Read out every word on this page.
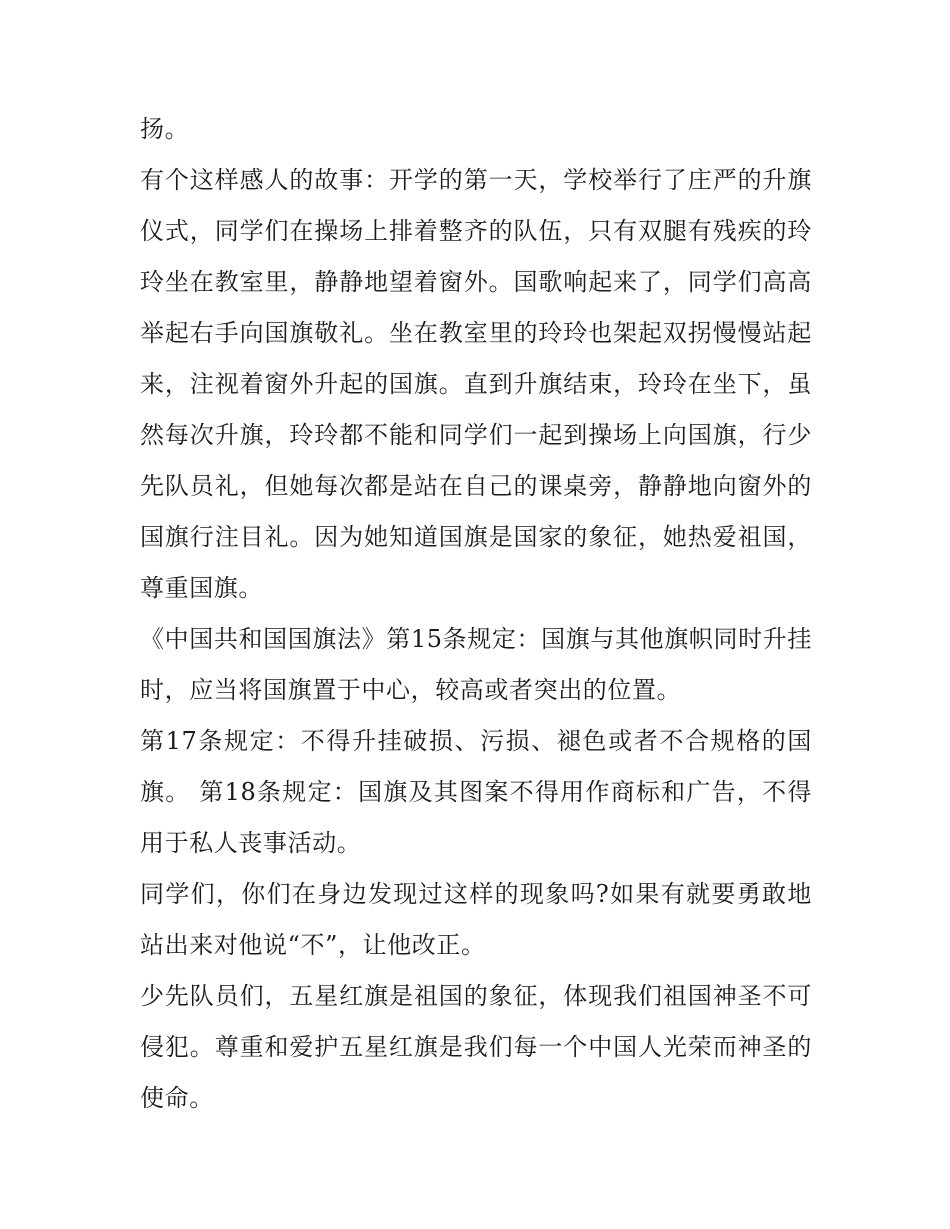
扬。

有个这样感人的故事：开学的第一天，学校举行了庄严的升旗仪式，同学们在操场上排着整齐的队伍，只有双腿有残疾的玲玲坐在教室里，静静地望着窗外。国歌响起来了，同学们高高举起右手向国旗敬礼。坐在教室里的玲玲也架起双拐慢慢站起来，注视着窗外升起的国旗。直到升旗结束，玲玲在坐下，虽然每次升旗，玲玲都不能和同学们一起到操场上向国旗，行少先队员礼，但她每次都是站在自己的课桌旁，静静地向窗外的国旗行注目礼。因为她知道国旗是国家的象征，她热爱祖国，尊重国旗。

《中国共和国国旗法》第15条规定：国旗与其他旗帜同时升挂时，应当将国旗置于中心，较高或者突出的位置。

第17条规定：不得升挂破损、污损、褪色或者不合规格的国旗。 第18条规定：国旗及其图案不得用作商标和广告，不得用于私人丧事活动。

同学们，你们在身边发现过这样的现象吗?如果有就要勇敢地站出来对他说“不”，让他改正。

少先队员们，五星红旗是祖国的象征，体现我们祖国神圣不可侵犯。尊重和爱护五星红旗是我们每一个中国人光荣而神圣的使命。
